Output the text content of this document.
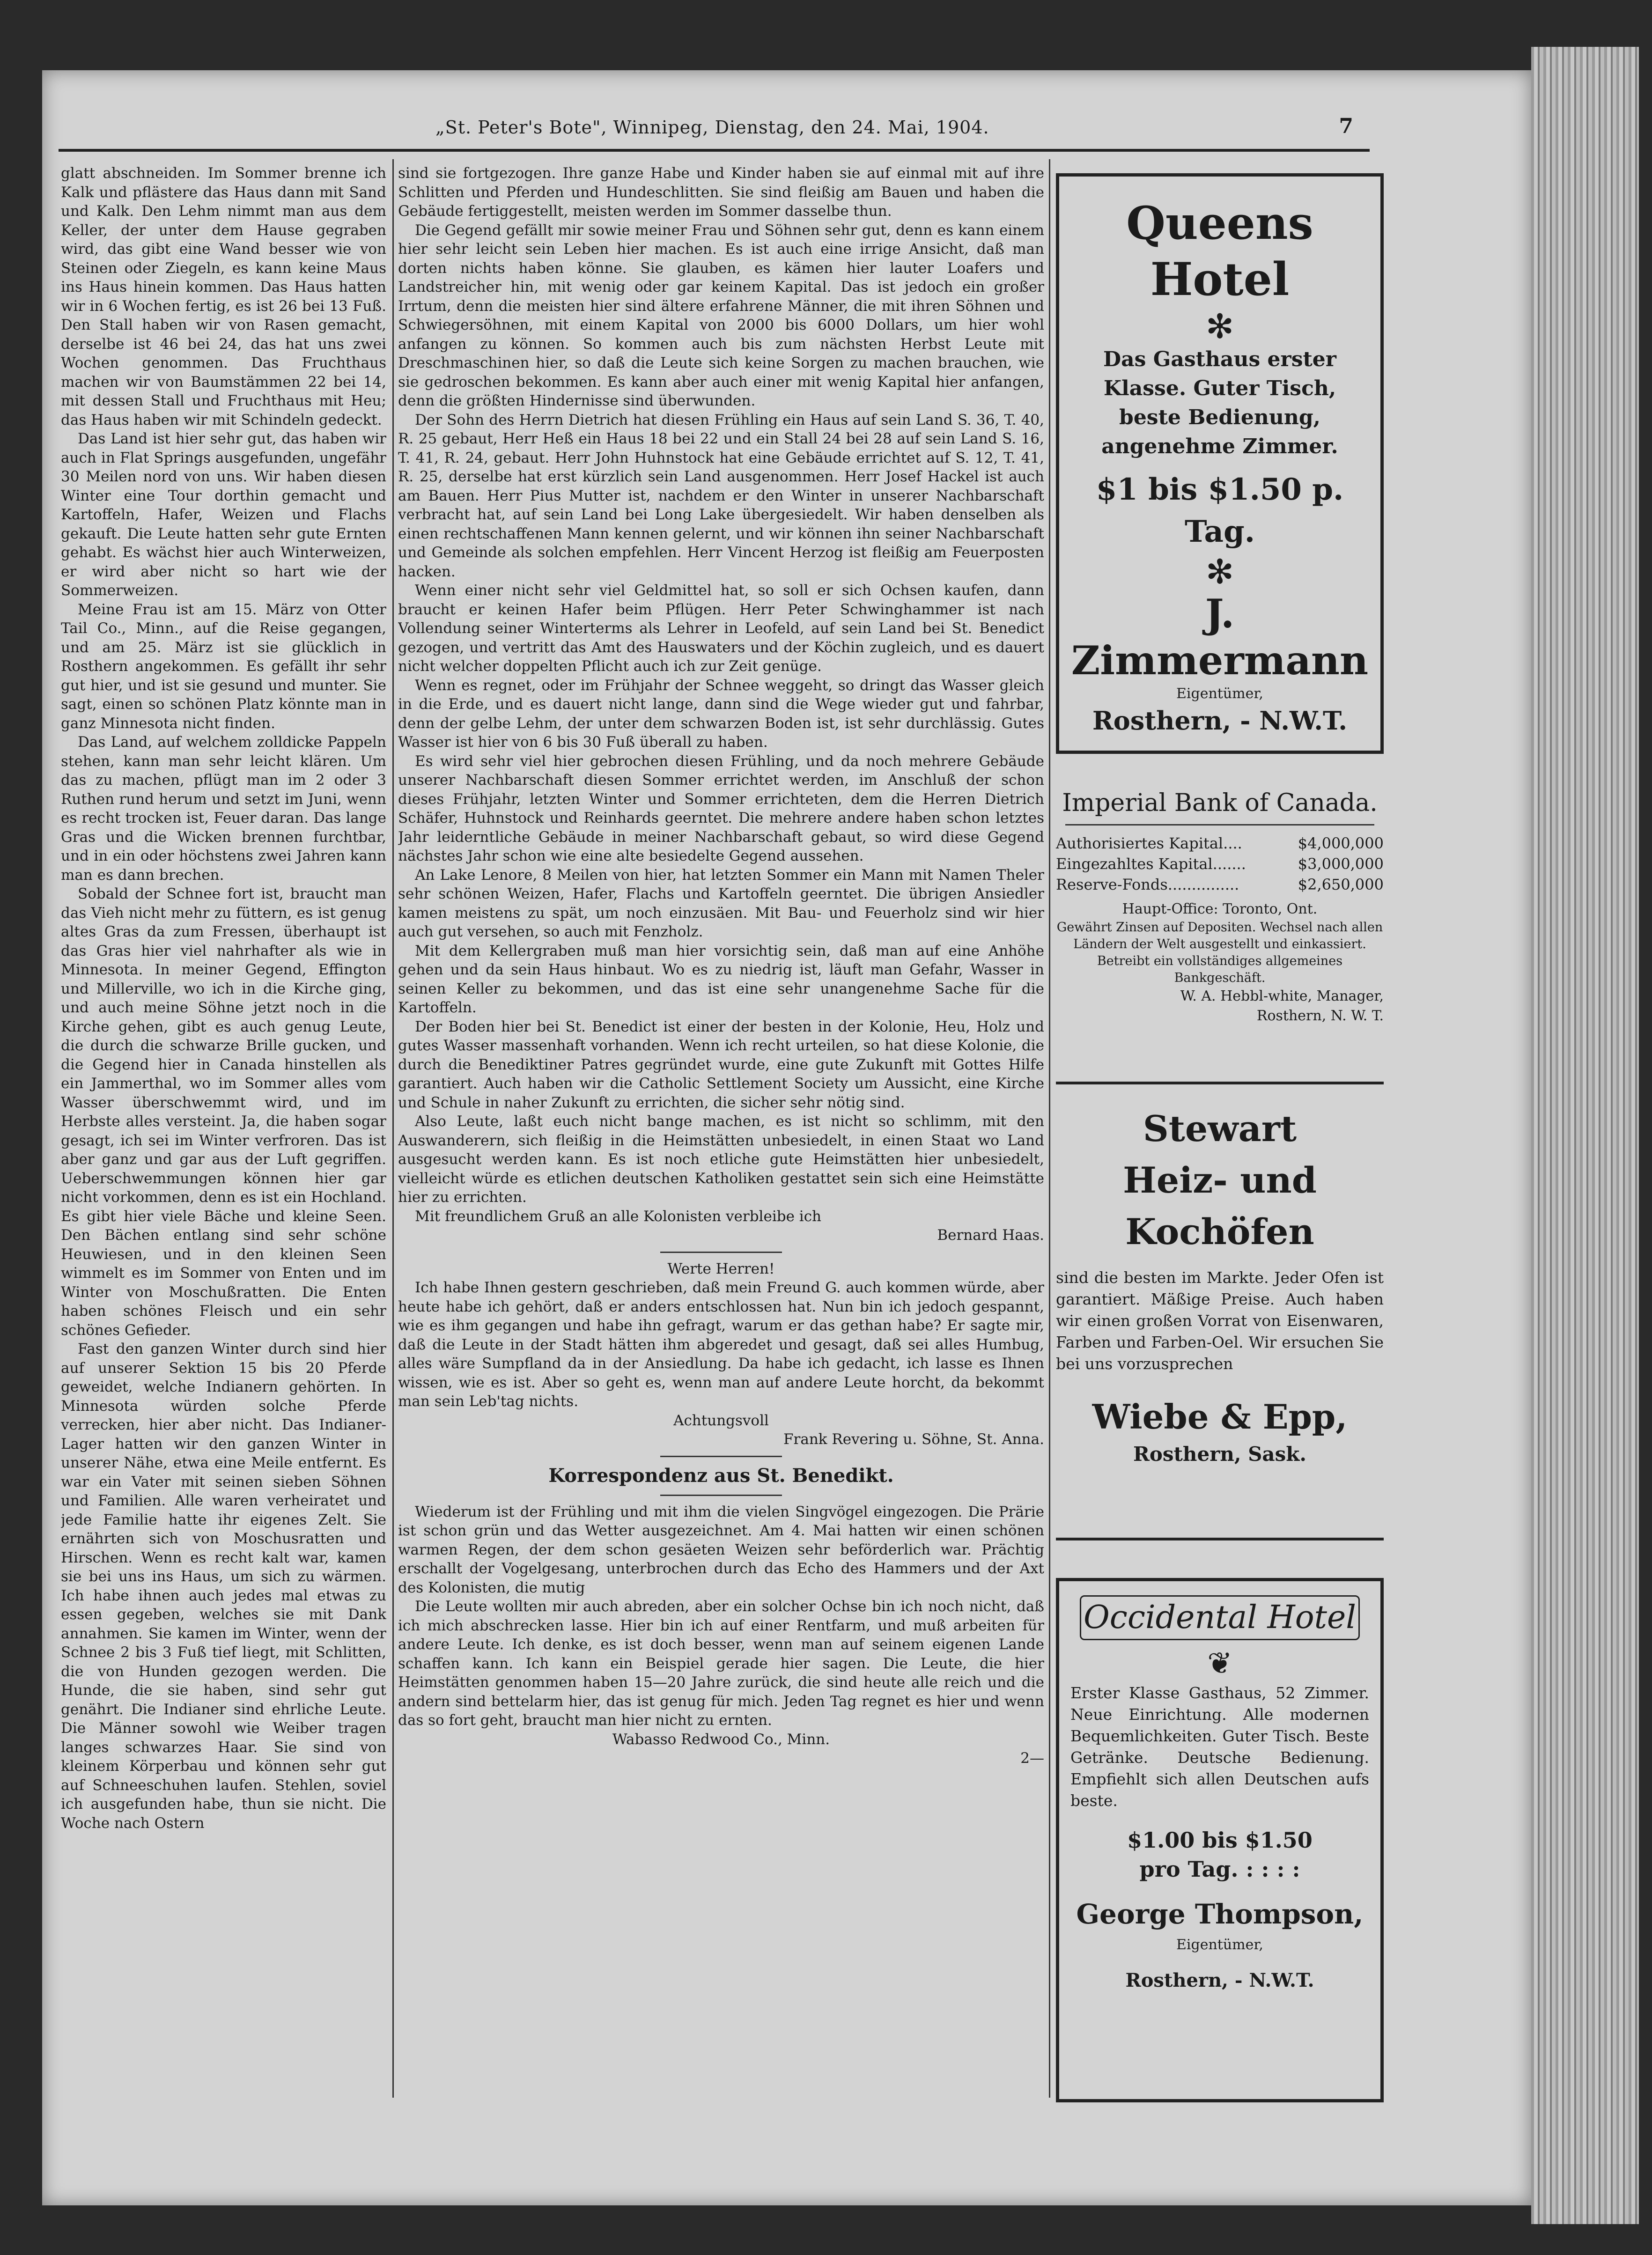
„St. Peter's Bote", Winnipeg, Dienstag, den 24. Mai, 1904.	7

glatt abschneiden. Im Sommer brenne ich Kalk und pflästere das Haus dann mit Sand und Kalk. Den Lehm nimmt man aus dem Keller, der unter dem Hause gegraben wird, das gibt eine Wand besser wie von Steinen oder Ziegeln, es kann keine Maus ins Haus hinein kommen. Das Haus hatten wir in 6 Wochen fertig, es ist 26 bei 13 Fuß. Den Stall haben wir von Rasen gemacht, derselbe ist 46 bei 24, das hat uns zwei Wochen genommen. Das Fruchthaus machen wir von Baumstämmen 22 bei 14, mit dessen Stall und Fruchthaus mit Heu; das Haus haben wir mit Schindeln gedeckt.

Das Land ist hier sehr gut, das haben wir auch in Flat Springs ausgefunden, ungefähr 30 Meilen nord von uns. Wir haben diesen Winter eine Tour dorthin gemacht und Kartoffeln, Hafer, Weizen und Flachs gekauft. Die Leute hatten sehr gute Ernten gehabt. Es wächst hier auch Winterweizen, er wird aber nicht so hart wie der Sommerweizen.

Meine Frau ist am 15. März von Otter Tail Co., Minn., auf die Reise gegangen, und am 25. März ist sie glücklich in Rosthern angekommen. Es gefällt ihr sehr gut hier, und ist sie gesund und munter. Sie sagt, einen so schönen Platz könnte man in ganz Minnesota nicht finden.

Das Land, auf welchem zolldicke Pappeln stehen, kann man sehr leicht klären. Um das zu machen, pflügt man im 2 oder 3 Ruthen rund herum und setzt im Juni, wenn es recht trocken ist, Feuer daran. Das lange Gras und die Wicken brennen furchtbar, und in ein oder höchstens zwei Jahren kann man es dann brechen.

Sobald der Schnee fort ist, braucht man das Vieh nicht mehr zu füttern, es ist genug altes Gras da zum Fressen, überhaupt ist das Gras hier viel nahrhafter als wie in Minnesota. In meiner Gegend, Effington und Millerville, wo ich in die Kirche ging, und auch meine Söhne jetzt noch in die Kirche gehen, gibt es auch genug Leute, die durch die schwarze Brille gucken, und die Gegend hier in Canada hinstellen als ein Jammerthal, wo im Sommer alles vom Wasser überschwemmt wird, und im Herbste alles versteint. Ja, die haben sogar gesagt, ich sei im Winter verfroren. Das ist aber ganz und gar aus der Luft gegriffen. Ueberschwemmungen können hier gar nicht vorkommen, denn es ist ein Hochland. Es gibt hier viele Bäche und kleine Seen. Den Bächen entlang sind sehr schöne Heuwiesen, und in den kleinen Seen wimmelt es im Sommer von Enten und im Winter von Moschußratten. Die Enten haben schönes Fleisch und ein sehr schönes Gefieder.

Fast den ganzen Winter durch sind hier auf unserer Sektion 15 bis 20 Pferde geweidet, welche Indianern gehörten. In Minnesota würden solche Pferde verrecken, hier aber nicht. Das Indianer-Lager hatten wir den ganzen Winter in unserer Nähe, etwa eine Meile entfernt. Es war ein Vater mit seinen sieben Söhnen und Familien. Alle waren verheiratet und jede Familie hatte ihr eigenes Zelt. Sie ernährten sich von Moschusratten und Hirschen. Wenn es recht kalt war, kamen sie bei uns ins Haus, um sich zu wärmen. Ich habe ihnen auch jedes mal etwas zu essen gegeben, welches sie mit Dank annahmen. Sie kamen im Winter, wenn der Schnee 2 bis 3 Fuß tief liegt, mit Schlitten, die von Hunden gezogen werden. Die Hunde, die sie haben, sind sehr gut genährt. Die Indianer sind ehrliche Leute. Die Männer sowohl wie Weiber tragen langes schwarzes Haar. Sie sind von kleinem Körperbau und können sehr gut auf Schneeschuhen laufen. Stehlen, soviel ich ausgefunden habe, thun sie nicht. Die Woche nach Ostern

sind sie fortgezogen. Ihre ganze Habe und Kinder haben sie auf einmal mit auf ihre Schlitten und Pferden und Hundeschlitten. Sie sind fleißig am Bauen und haben die Gebäude fertiggestellt, meisten werden im Sommer dasselbe thun.

Die Gegend gefällt mir sowie meiner Frau und Söhnen sehr gut, denn es kann einem hier sehr leicht sein Leben hier machen. Es ist auch eine irrige Ansicht, daß man dorten nichts haben könne. Sie glauben, es kämen hier lauter Loafers und Landstreicher hin, mit wenig oder gar keinem Kapital. Das ist jedoch ein großer Irrtum, denn die meisten hier sind ältere erfahrene Männer, die mit ihren Söhnen und Schwiegersöhnen, mit einem Kapital von 2000 bis 6000 Dollars, um hier wohl anfangen zu können. So kommen auch bis zum nächsten Herbst Leute mit Dreschmaschinen hier, so daß die Leute sich keine Sorgen zu machen brauchen, wie sie gedroschen bekommen. Es kann aber auch einer mit wenig Kapital hier anfangen, denn die größten Hindernisse sind überwunden.

Der Sohn des Herrn Dietrich hat diesen Frühling ein Haus auf sein Land S. 36, T. 40, R. 25 gebaut, Herr Heß ein Haus 18 bei 22 und ein Stall 24 bei 28 auf sein Land S. 16, T. 41, R. 24, gebaut. Herr John Huhnstock hat eine Gebäude errichtet auf S. 12, T. 41, R. 25, derselbe hat erst kürzlich sein Land ausgenommen. Herr Josef Hackel ist auch am Bauen. Herr Pius Mutter ist, nachdem er den Winter in unserer Nachbarschaft verbracht hat, auf sein Land bei Long Lake übergesiedelt. Wir haben denselben als einen rechtschaffenen Mann kennen gelernt, und wir können ihn seiner Nachbarschaft und Gemeinde als solchen empfehlen. Herr Vincent Herzog ist fleißig am Feuerposten hacken.

Wenn einer nicht sehr viel Geldmittel hat, so soll er sich Ochsen kaufen, dann braucht er keinen Hafer beim Pflügen. Herr Peter Schwinghammer ist nach Vollendung seiner Winterterms als Lehrer in Leofeld, auf sein Land bei St. Benedict gezogen, und vertritt das Amt des Hauswaters und der Köchin zugleich, und es dauert nicht welcher doppelten Pflicht auch ich zur Zeit genüge.

Wenn es regnet, oder im Frühjahr der Schnee weggeht, so dringt das Wasser gleich in die Erde, und es dauert nicht lange, dann sind die Wege wieder gut und fahrbar, denn der gelbe Lehm, der unter dem schwarzen Boden ist, ist sehr durchlässig. Gutes Wasser ist hier von 6 bis 30 Fuß überall zu haben.

Es wird sehr viel hier gebrochen diesen Frühling, und da noch mehrere Gebäude unserer Nachbarschaft diesen Sommer errichtet werden, im Anschluß der schon dieses Frühjahr, letzten Winter und Sommer errichteten, dem die Herren Dietrich Schäfer, Huhnstock und Reinhards geerntet. Die mehrere andere haben schon letztes Jahr leiderntliche Gebäude in meiner Nachbarschaft gebaut, so wird diese Gegend nächstes Jahr schon wie eine alte besiedelte Gegend aussehen.

An Lake Lenore, 8 Meilen von hier, hat letzten Sommer ein Mann mit Namen Theler sehr schönen Weizen, Hafer, Flachs und Kartoffeln geerntet. Die übrigen Ansiedler kamen meistens zu spät, um noch einzusäen. Mit Bau- und Feuerholz sind wir hier auch gut versehen, so auch mit Fenzholz.

Mit dem Kellergraben muß man hier vorsichtig sein, daß man auf eine Anhöhe gehen und da sein Haus hinbaut. Wo es zu niedrig ist, läuft man Gefahr, Wasser in seinen Keller zu bekommen, und das ist eine sehr unangenehme Sache für die Kartoffeln.

Der Boden hier bei St. Benedict ist einer der besten in der Kolonie, Heu, Holz und gutes Wasser massenhaft vorhanden. Wenn ich recht urteilen, so hat diese Kolonie, die durch die Benediktiner Patres gegründet wurde, eine gute Zukunft mit Gottes Hilfe garantiert. Auch haben wir die Catholic Settlement Society um Aussicht, eine Kirche und Schule in naher Zukunft zu errichten, die sicher sehr nötig sind.

Also Leute, laßt euch nicht bange machen, es ist nicht so schlimm, mit den Auswanderern, sich fleißig in die Heimstätten unbesiedelt, in einen Staat wo Land ausgesucht werden kann. Es ist noch etliche gute Heimstätten hier unbesiedelt, vielleicht würde es etlichen deutschen Katholiken gestattet sein sich eine Heimstätte hier zu errichten.

Mit freundlichem Gruß an alle Kolonisten verbleibe ich

Bernard Haas.

Werte Herren!

Ich habe Ihnen gestern geschrieben, daß mein Freund G. auch kommen würde, aber heute habe ich gehört, daß er anders entschlossen hat. Nun bin ich jedoch gespannt, wie es ihm gegangen und habe ihn gefragt, warum er das gethan habe? Er sagte mir, daß die Leute in der Stadt hätten ihm abgeredet und gesagt, daß sei alles Humbug, alles wäre Sumpfland da in der Ansiedlung. Da habe ich gedacht, ich lasse es Ihnen wissen, wie es ist. Aber so geht es, wenn man auf andere Leute horcht, da bekommt man sein Leb'tag nichts.

Achtungsvoll

Frank Revering u. Söhne, St. Anna.

Korrespondenz aus St. Benedikt.

Wiederum ist der Frühling und mit ihm die vielen Singvögel eingezogen. Die Prärie ist schon grün und das Wetter ausgezeichnet. Am 4. Mai hatten wir einen schönen warmen Regen, der dem schon gesäeten Weizen sehr beförderlich war. Prächtig erschallt der Vogelgesang, unterbrochen durch das Echo des Hammers und der Axt des Kolonisten, die mutig

Die Leute wollten mir auch abreden, aber ein solcher Ochse bin ich noch nicht, daß ich mich abschrecken lasse. Hier bin ich auf einer Rentfarm, und muß arbeiten für andere Leute. Ich denke, es ist doch besser, wenn man auf seinem eigenen Lande schaffen kann. Ich kann ein Beispiel gerade hier sagen. Die Leute, die hier Heimstätten genommen haben 15—20 Jahre zurück, die sind heute alle reich und die andern sind bettelarm hier, das ist genug für mich. Jeden Tag regnet es hier und wenn das so fort geht, braucht man hier nicht zu ernten.

Wabasso Redwood Co., Minn.

2—

Queens Hotel
✻
Das Gasthaus erster Klasse. Guter Tisch, beste Bedienung, angenehme Zimmer.
$1 bis $1.50 p. Tag.
✻
J. Zimmermann
Eigentümer,
Rosthern, - N.W.T.
Imperial Bank of Canada.
Authorisiertes Kapital....	$4,000,000
Eingezahltes Kapital.......	$3,000,000
Reserve-Fonds...............	$2,650,000
Haupt-Office: Toronto, Ont.
Gewährt Zinsen auf Depositen. Wechsel nach allen Ländern der Welt ausgestellt und einkassiert. Betreibt ein vollständiges allgemeines Bankgeschäft.
W. A. Hebbl-white, Manager,
Rosthern, N. W. T.
Stewart
Heiz- und
Kochöfen
sind die besten im Markte. Jeder Ofen ist garantiert. Mäßige Preise. Auch haben wir einen großen Vorrat von Eisenwaren, Farben und Farben-Oel. Wir ersuchen Sie bei uns vorzusprechen
Wiebe & Epp,
Rosthern, Sask.
Occidental Hotel
❦
Erster Klasse Gasthaus, 52 Zimmer. Neue Einrichtung. Alle modernen Bequemlichkeiten. Guter Tisch. Beste Getränke. Deutsche Bedienung. Empfiehlt sich allen Deutschen aufs beste.
$1.00 bis $1.50
pro Tag. : : : :
George Thompson,
Eigentümer,
Rosthern, - N.W.T.
